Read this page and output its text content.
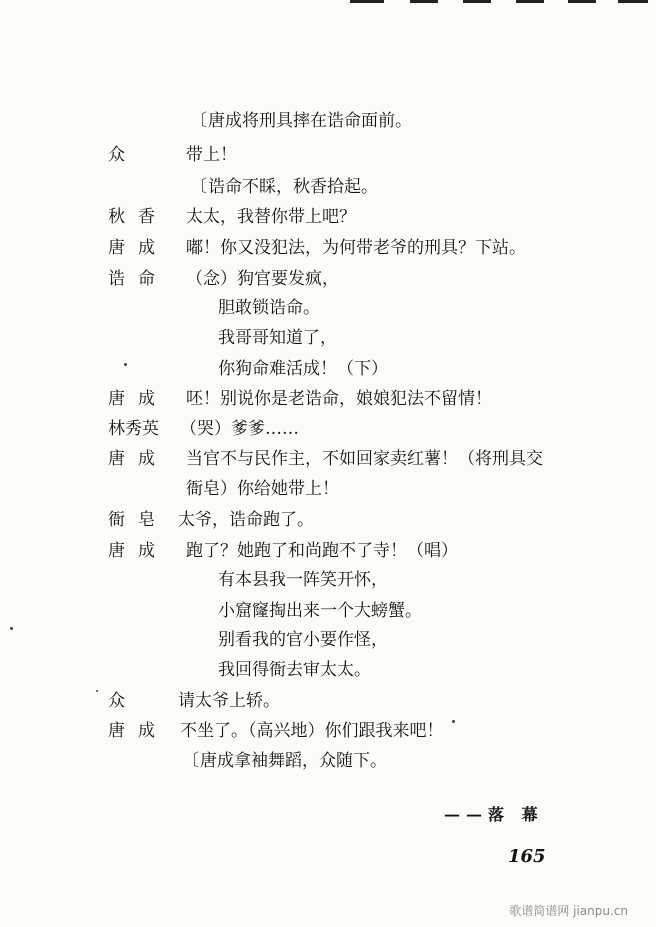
〔唐成将刑具摔在诰命面前。
众	带上！
〔诰命不睬，秋香拾起。
秋香 太太，我替你带上吧？
唐成 嘟！你又没犯法，为何带老爷的刑具？下站。
诰命 （念）狗官要发疯，
胆敢锁诰命。
我哥哥知道了，
你狗命难活成！（下）
唐成 呸！别说你是老诰命，娘娘犯法不留情！
林秀英	（哭）爹爹……
唐成 当官不与民作主，不如回家卖红薯！（将刑具交
衙皂）你给她带上！
衙皂 太爷，诰命跑了。
唐成 跑了？她跑了和尚跑不了寺！（唱）
有本县我一阵笑开怀，
小窟窿掏出来一个大螃蟹。
别看我的官小要作怪，
我回得衙去审太太。
众	请太爷上轿。
唐成 不坐了。（高兴地）你们跟我来吧！
〔唐成拿袖舞蹈，众随下。
——落 幕
165
歌谱简谱网 jianpu.cn
